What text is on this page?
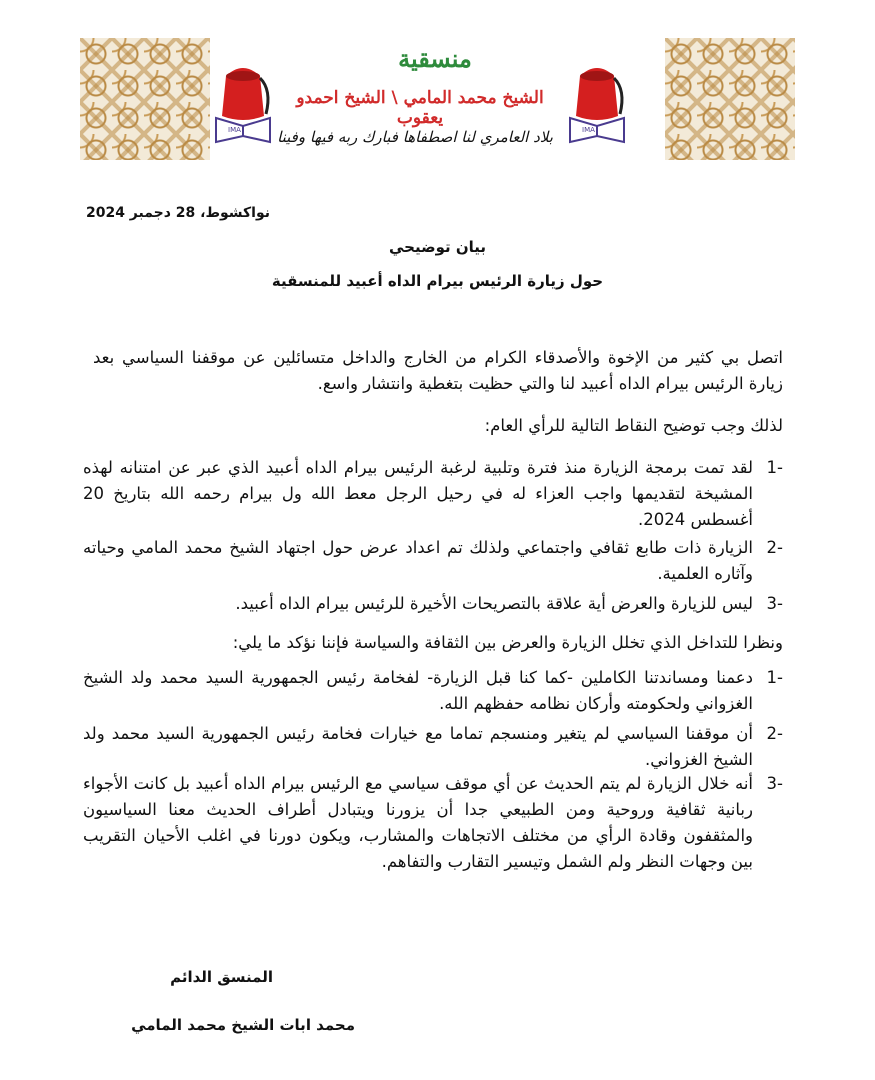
IMA	IMA
منسقية
الشيخ محمد المامي \ الشيخ احمدو يعقوب
بلاد العامري لنا اصطفاها فبارك ربه فيها وفينا
نواكشوط، 28 دجمبر 2024
بيان توضيحي
حول زيارة الرئيس بيرام الداه أعبيد للمنسقية
اتصل بي كثير من الإخوة والأصدقاء الكرام من الخارج والداخل متسائلين عن موقفنا السياسي بعد زيارة الرئيس بيرام الداه أعبيد لنا والتي حظيت بتغطية وانتشار واسع.
لذلك وجب توضيح النقاط التالية للرأي العام:
1-
لقد تمت برمجة الزيارة منذ فترة وتلبية لرغبة الرئيس بيرام الداه أعبيد الذي عبر عن امتنانه لهذه المشيخة لتقديمها واجب العزاء له في رحيل الرجل معط الله ول بيرام رحمه الله بتاريخ 20 أغسطس 2024.
2-
الزيارة ذات طابع ثقافي واجتماعي ولذلك تم اعداد عرض حول اجتهاد الشيخ محمد المامي وحياته وآثاره العلمية.
3-
ليس للزيارة والعرض أية علاقة بالتصريحات الأخيرة للرئيس بيرام الداه أعبيد.
ونظرا للتداخل الذي تخلل الزيارة والعرض بين الثقافة والسياسة فإننا نؤكد ما يلي:
1-
دعمنا ومساندتنا الكاملين -كما كنا قبل الزيارة- لفخامة رئيس الجمهورية السيد محمد ولد الشيخ الغزواني ولحكومته وأركان نظامه حفظهم الله.
2-
أن موقفنا السياسي لم يتغير ومنسجم تماما مع خيارات فخامة رئيس الجمهورية السيد محمد ولد الشيخ الغزواني.
3-
أنه خلال الزيارة لم يتم الحديث عن أي موقف سياسي مع الرئيس بيرام الداه أعبيد بل كانت الأجواء ربانية ثقافية وروحية ومن الطبيعي جدا أن يزورنا ويتبادل أطراف الحديث معنا السياسيون والمثقفون وقادة الرأي من مختلف الاتجاهات والمشارب، ويكون دورنا في اغلب الأحيان التقريب بين وجهات النظر ولم الشمل وتيسير التقارب والتفاهم.
المنسق الدائم
محمد ابات الشيخ محمد المامي
